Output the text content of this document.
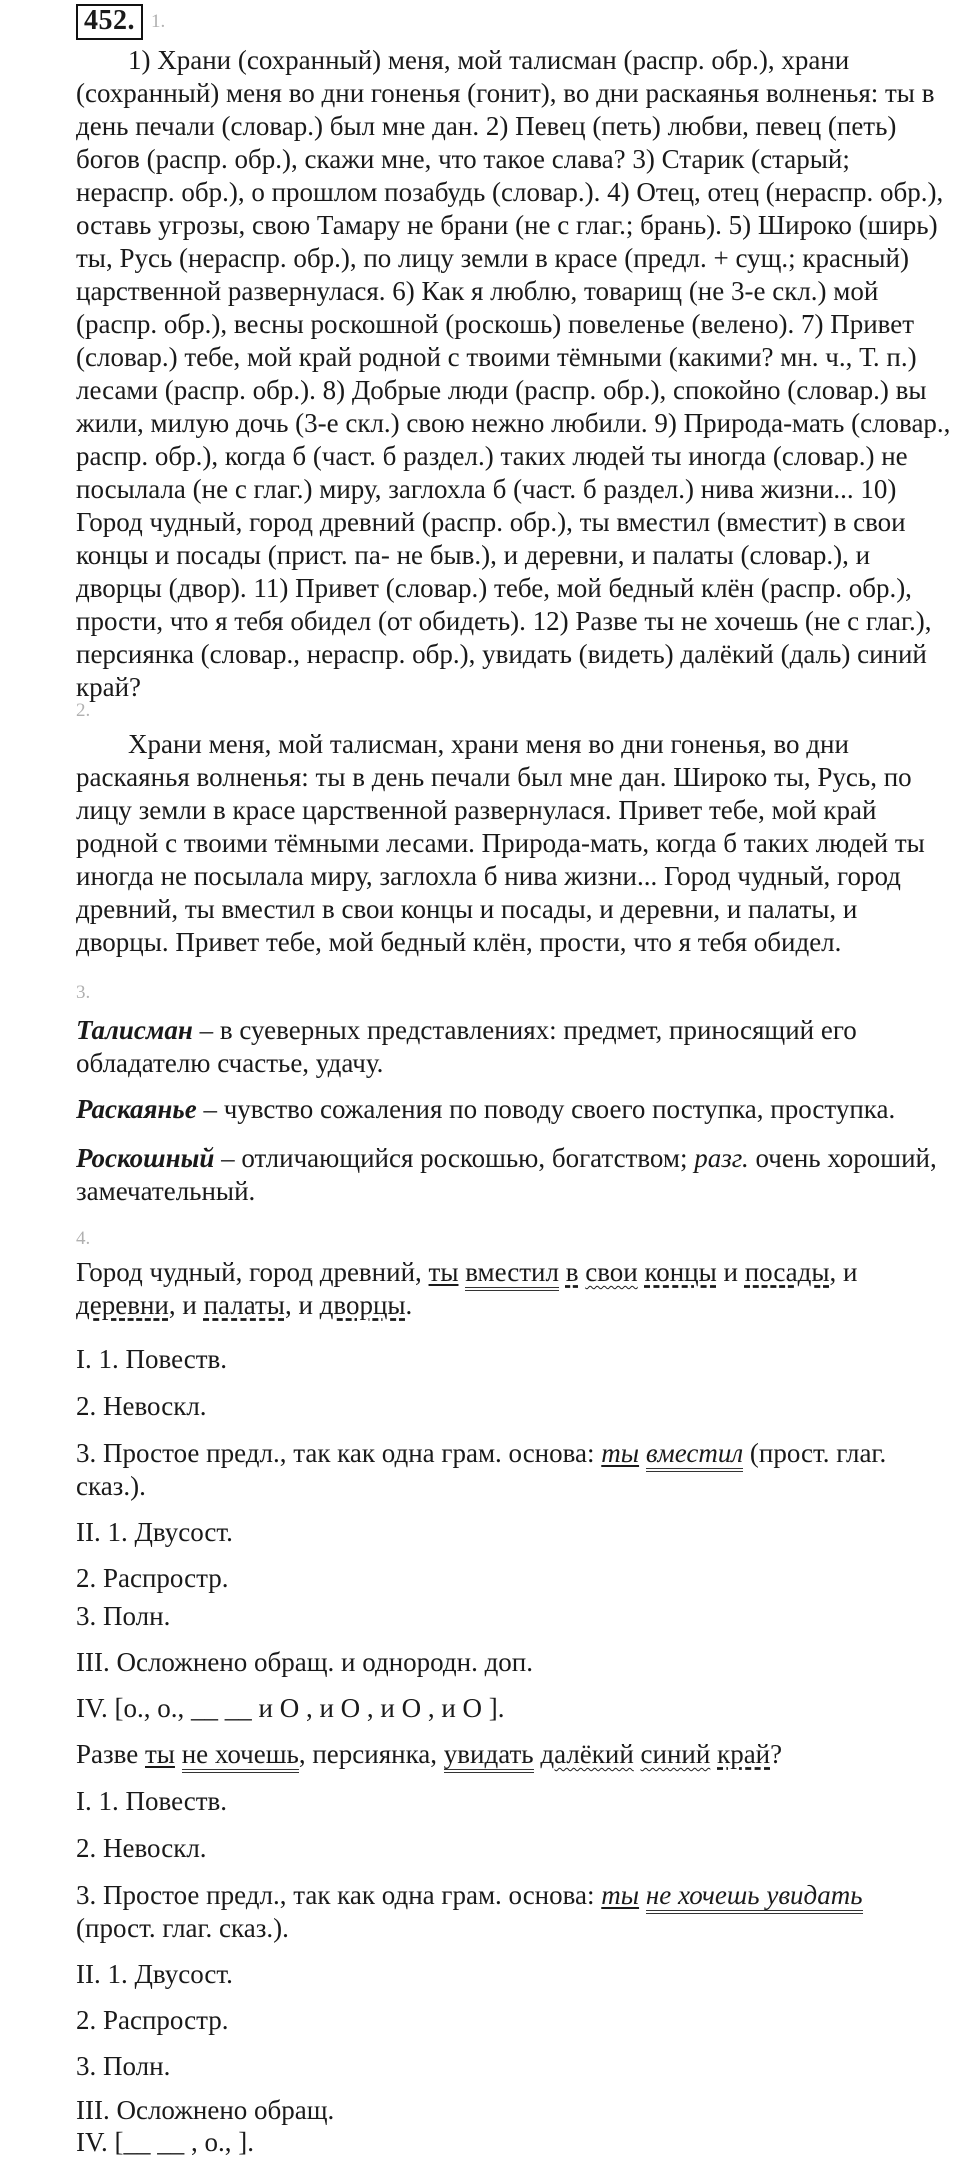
452. 1.

1) Храни (сохранный) меня, мой талисман (распр. обр.), храни (сохранный) меня во дни гоненья (гонит), во дни раскаянья волненья: ты в день печали (словар.) был мне дан. 2) Певец (петь) любви, певец (петь) богов (распр. обр.), скажи мне, что такое слава? 3) Старик (старый; нераспр. обр.), о прошлом позабудь (словар.). 4) Отец, отец (нераспр. обр.), оставь угрозы, свою Тамару не брани (не с глаг.; брань). 5) Широко (ширь) ты, Русь (нераспр. обр.), по лицу земли в красе (предл. + сущ.; красный) царственной развернулася. 6) Как я люблю, товарищ (не 3-е скл.) мой (распр. обр.), весны роскошной (роскошь) повеленье (велено). 7) Привет (словар.) тебе, мой край родной с твоими тёмными (какими? мн. ч., Т. п.) лесами (распр. обр.). 8) Добрые люди (распр. обр.), спокойно (словар.) вы жили, милую дочь (3-е скл.) свою нежно любили. 9) Природа-мать (словар., распр. обр.), когда б (част. б раздел.) таких людей ты иногда (словар.) не посылала (не с глаг.) миру, заглохла б (част. б раздел.) нива жизни... 10) Город чудный, город древний (распр. обр.), ты вместил (вместит) в свои концы и посады (прист. па- не быв.), и деревни, и палаты (словар.), и дворцы (двор). 11) Привет (словар.) тебе, мой бедный клён (распр. обр.), прости, что я тебя обидел (от обидеть). 12) Разве ты не хочешь (не с глаг.), персиянка (словар., нераспр. обр.), увидать (видеть) далёкий (даль) синий край?

2.

Храни меня, мой талисман, храни меня во дни гоненья, во дни раскаянья волненья: ты в день печали был мне дан. Широко ты, Русь, по лицу земли в красе царственной развернулася. Привет тебе, мой край родной с твоими тёмными лесами. Природа-мать, когда б таких людей ты иногда не посылала миру, заглохла б нива жизни... Город чудный, город древний, ты вместил в свои концы и посады, и деревни, и палаты, и дворцы. Привет тебе, мой бедный клён, прости, что я тебя обидел.

3.

Талисман – в суеверных представлениях: предмет, приносящий его обладателю счастье, удачу.

Раскаянье – чувство сожаления по поводу своего поступка, проступка.

Роскошный – отличающийся роскошью, богатством; разг. очень хороший, замечательный.

4.

Город чудный, город древний, ты вместил в свои концы и посады, и
деревни, и палаты, и дворцы.

I. 1. Повеств.
2. Невоскл.
3. Простое предл., так как одна грам. основа: ты вместил (прост. глаг.
сказ.).
II. 1. Двусост.
2. Распростр.
3. Полн.
III. Осложнено обращ. и однородн. доп.
IV. [о., о., __ __ и О , и О , и О , и О ].
Разве ты не хочешь, персиянка, увидать далёкий синий край?
I. 1. Повеств.
2. Невоскл.
3. Простое предл., так как одна грам. основа: ты не хочешь увидать
(прост. глаг. сказ.).
II. 1. Двусост.
2. Распростр.
3. Полн.
III. Осложнено обращ.
IV. [__ __ , о., ].
